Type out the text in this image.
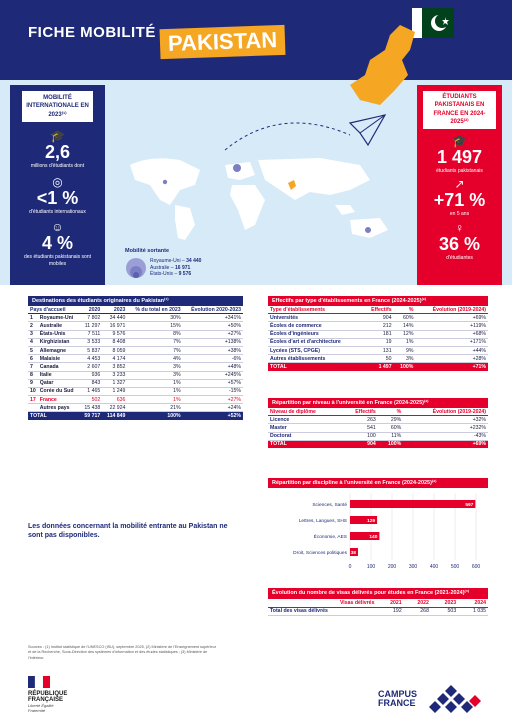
FICHE MOBILITÉ PAKISTAN
Octobre 2025
Mobilité sortante
Royaume-Uni – 34 440
Australie – 16 971
États-Unis – 9 576
MOBILITÉ INTERNATIONALE EN 2023⁽¹⁾
🎓
2,6
millions d'étudiants dont
◎
<1 %
d'étudiants internationaux
☺
4 %
des étudiants pakistanais sont mobiles
ÉTUDIANTS PAKISTANAIS EN FRANCE EN 2024-2025⁽²⁾
🎓
1 497
étudiants pakistanais
↗
+71 %
en 5 ans
♀
36 %
d'étudiantes
Destinations des étudiants originaires du Pakistan⁽¹⁾
Pays d'accueil		2020	2023	% du total en 2023	Évolution 2020-2023
1	Royaume-Uni	7 802	34 440	30%	+341%
2	Australie	11 297	16 971	15%	+50%
3	États-Unis	7 511	9 576	8%	+27%
4	Kirghizistan	3 533	8 408	7%	+138%
5	Allemagne	5 837	8 059	7%	+38%
6	Malaisie	4 453	4 174	4%	-6%
7	Canada	2 607	3 852	3%	+48%
8	Italie	936	3 233	3%	+245%
9	Qatar	843	1 327	1%	+57%
10	Corée du Sud	1 465	1 249	1%	-15%
17	France	502	636	1%	+27%
	Autres pays	15 438	22 924	21%	+24%
TOTAL		59 717	114 849	100%	+52%
Effectifs par type d'établissements en France (2024-2025)⁽²⁾
Type d'établissements	Effectifs	%	Évolution (2019-2024)
Universités	904	60%	+69%
Écoles de commerce	212	14%	+119%
Écoles d'ingénieurs	181	12%	+68%
Écoles d'art et d'architecture	19	1%	+171%
Lycées (STS, CPGE)	131	9%	+44%
Autres établissements	50	3%	+28%
TOTAL	1 497	100%	+71%
Répartition par niveau à l'université en France (2024-2025)⁽²⁾
Niveau de diplôme	Effectifs	%	Évolution (2019-2024)
Licence	263	29%	+32%
Master	541	60%	+232%
Doctorat	100	11%	-43%
TOTAL	904	100%	+69%
Répartition par discipline à l'université en France (2024-2025)⁽²⁾
0	100	200	300	400	500	600
Sciences, Santé	597
Lettres, Langues, SHS	129
Économie, AES	140
Droit, Sciences politiques 38
Évolution du nombre de visas délivrés pour études en France (2021-2024)⁽³⁾
Visas délivrés	2021	2022	2023	2024
Total des visas délivrés	192	268	503	1 035
Les données concernant la mobilité entrante au Pakistan ne sont pas disponibles.
Sources : (1) Institut statistique de l'UNESCO (ISU), septembre 2025, (2) Ministère de l'Enseignement supérieur et de la Recherche, Sous-Direction des systèmes d'information et des études statistiques ; (3) Ministère de l'Intérieur.
RÉPUBLIQUE
FRANÇAISE
Liberté Égalité Fraternité
CAMPUS
FRANCE
